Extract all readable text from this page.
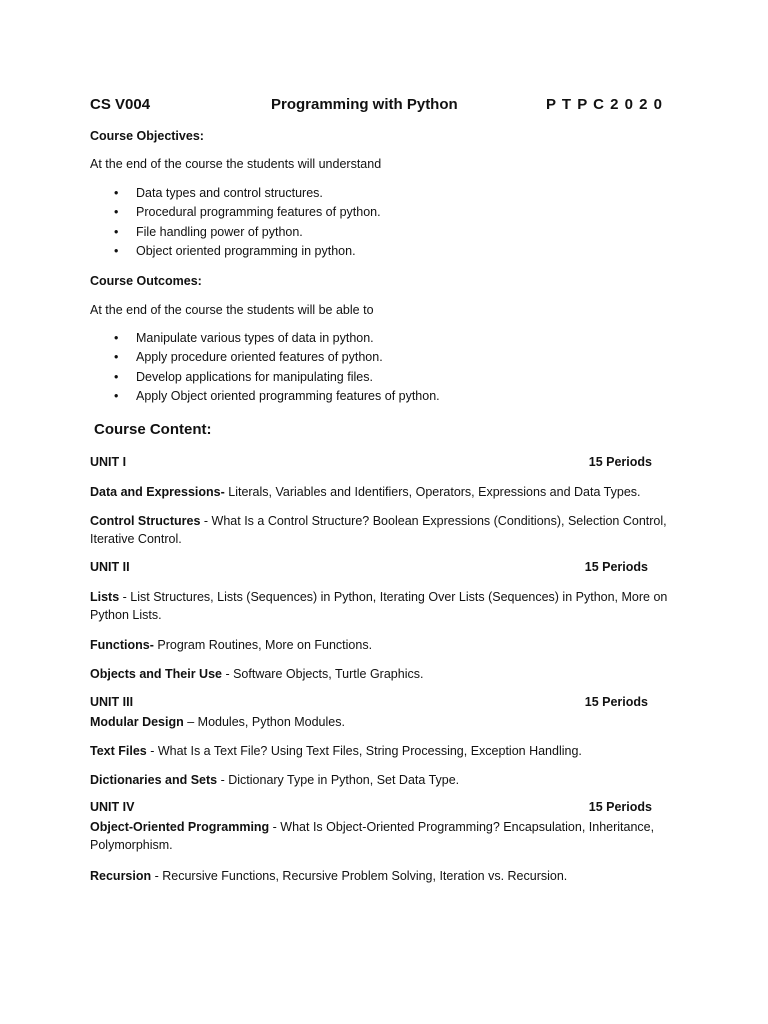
CS V004	Programming with Python	P T P C 2 0 2 0
Course Objectives:
At the end of the course the students will understand
• Data types and control structures.
• Procedural programming features of python.
• File handling power of python.
• Object oriented programming in python.
Course Outcomes:
At the end of the course the students will be able to
• Manipulate various types of data in python.
• Apply procedure oriented features of python.
• Develop applications for manipulating files.
• Apply Object oriented programming features of python.
Course Content:
UNIT I	15 Periods
Data and Expressions- Literals, Variables and Identifiers, Operators, Expressions and Data Types.
Control Structures - What Is a Control Structure? Boolean Expressions (Conditions), Selection Control, Iterative Control.
UNIT II	15 Periods
Lists - List Structures, Lists (Sequences) in Python, Iterating Over Lists (Sequences) in Python, More on Python Lists.
Functions- Program Routines, More on Functions.
Objects and Their Use - Software Objects, Turtle Graphics.
UNIT III	15 Periods
Modular Design – Modules, Python Modules.
Text Files - What Is a Text File? Using Text Files, String Processing, Exception Handling.
Dictionaries and Sets - Dictionary Type in Python, Set Data Type.
UNIT IV	15 Periods
Object-Oriented Programming - What Is Object-Oriented Programming? Encapsulation, Inheritance, Polymorphism.
Recursion - Recursive Functions, Recursive Problem Solving, Iteration vs. Recursion.
